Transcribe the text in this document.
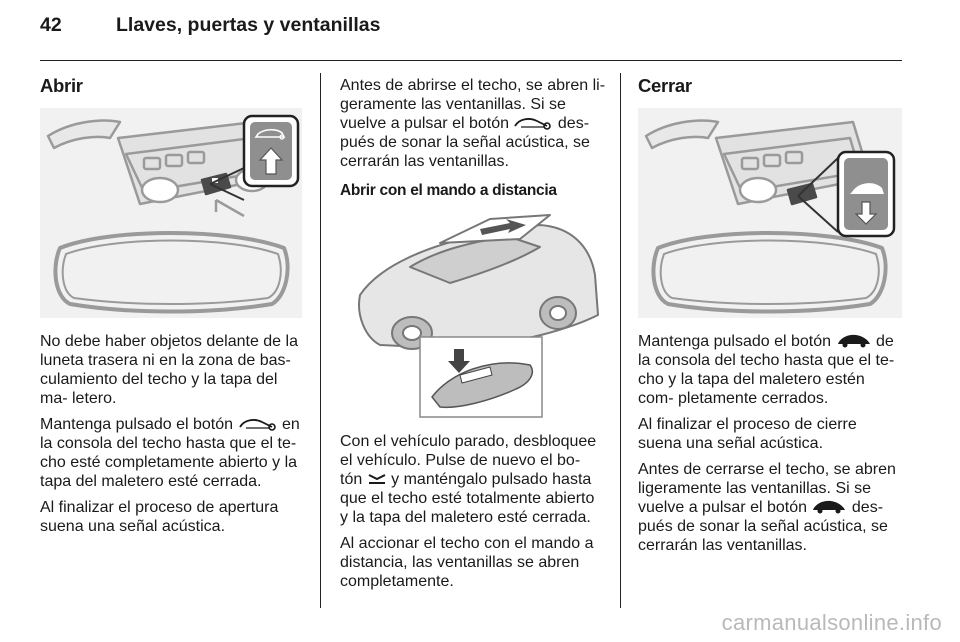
42	Llaves, puertas y ventanillas
Abrir

No debe haber objetos delante de la luneta trasera ni en la zona de bas- culamiento del techo y la tapa del ma- letero.

Mantenga pulsado el botón	en la consola del techo hasta que el te- cho esté completamente abierto y la tapa del maletero esté cerrada.

Al finalizar el proceso de apertura suena una señal acústica.

Antes de abrirse el techo, se abren li- geramente las ventanillas. Si se vuelve a pulsar el botón	des- pués de sonar la señal acústica, se cerrarán las ventanillas.

Abrir con el mando a distancia

Con el vehículo parado, desbloquee el vehículo. Pulse de nuevo el bo- tón y manténgalo pulsado hasta que el techo esté totalmente abierto y la tapa del maletero esté cerrada.

Al accionar el techo con el mando a distancia, las ventanillas se abren completamente.

Cerrar

Mantenga pulsado el botón	de la consola del techo hasta que el te- cho y la tapa del maletero estén com- pletamente cerrados.

Al finalizar el proceso de cierre suena una señal acústica.

Antes de cerrarse el techo, se abren ligeramente las ventanillas. Si se vuelve a pulsar el botón	des- pués de sonar la señal acústica, se cerrarán las ventanillas.

carmanualsonline.info
